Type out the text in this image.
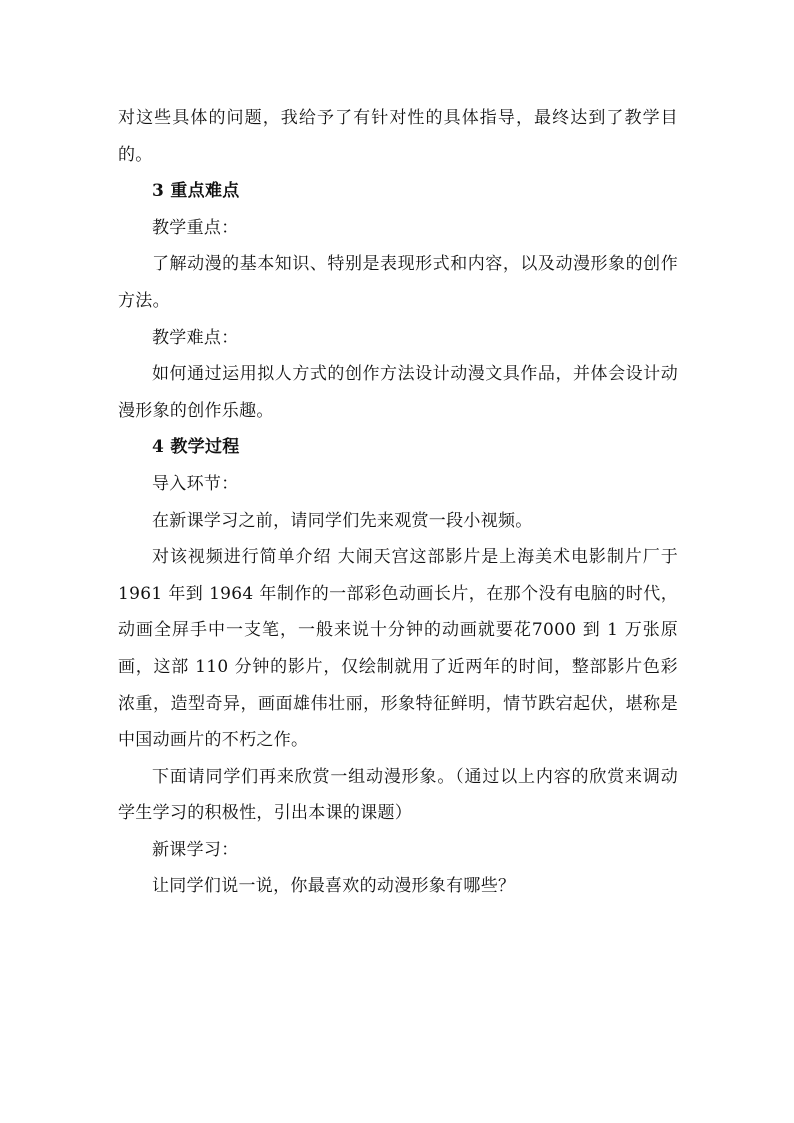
对这些具体的问题，我给予了有针对性的具体指导，最终达到了教学目的。

3 重点难点

教学重点：

了解动漫的基本知识、特别是表现形式和内容，以及动漫形象的创作方法。

教学难点：

如何通过运用拟人方式的创作方法设计动漫文具作品，并体会设计动漫形象的创作乐趣。

4 教学过程

导入环节：

在新课学习之前，请同学们先来观赏一段小视频。

对该视频进行简单介绍 大闹天宫这部影片是上海美术电影制片厂于 1961 年到 1964 年制作的一部彩色动画长片，在那个没有电脑的时代，动画全屏手中一支笔，一般来说十分钟的动画就要花7000 到 1 万张原画，这部 110 分钟的影片，仅绘制就用了近两年的时间，整部影片色彩浓重，造型奇异，画面雄伟壮丽，形象特征鲜明，情节跌宕起伏，堪称是中国动画片的不朽之作。

下面请同学们再来欣赏一组动漫形象。（通过以上内容的欣赏来调动学生学习的积极性，引出本课的课题）

新课学习：

让同学们说一说，你最喜欢的动漫形象有哪些？
